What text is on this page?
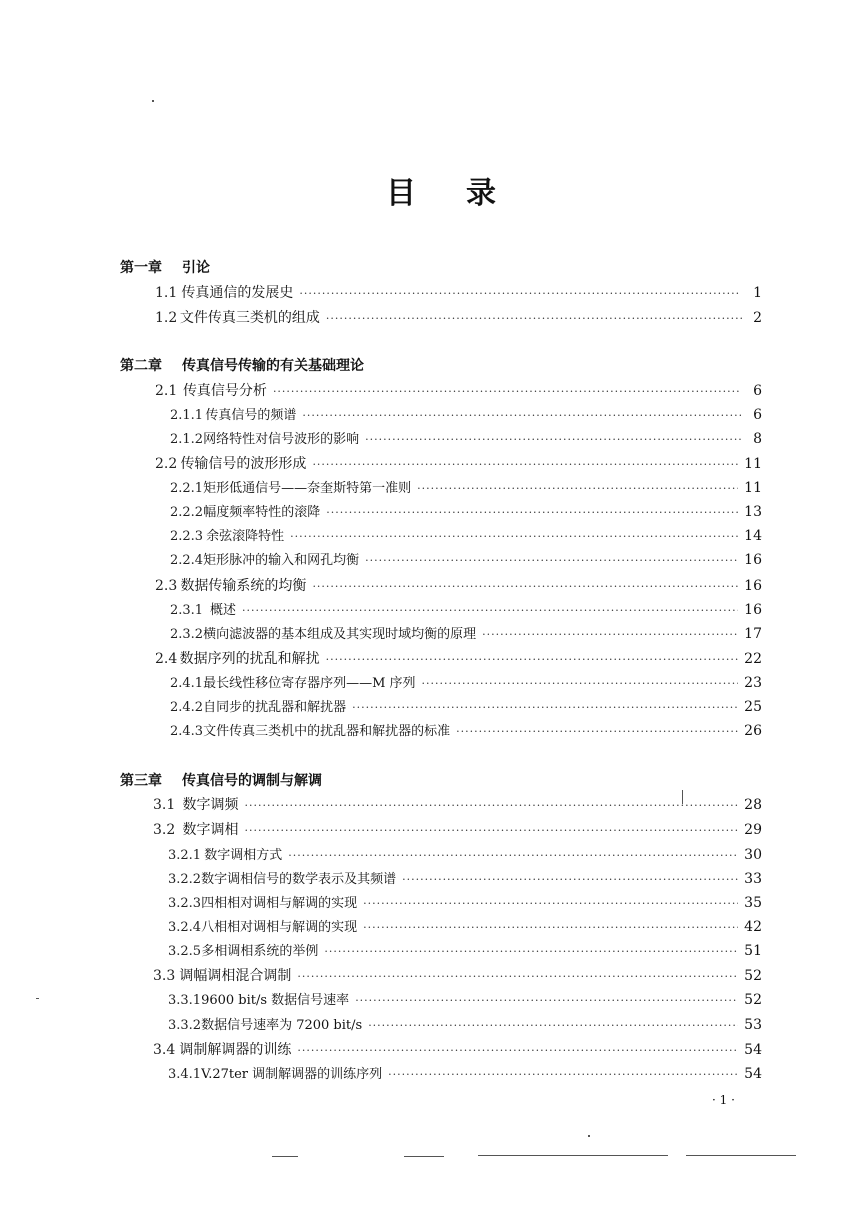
目 录
第一章	引论
1.1 传真通信的发展史 ·····	1
1.2 文件传真三类机的组成 ·····	2
第二章	传真信号传输的有关基础理论
2.1 传真信号分析 ·····	6
2.1.1 传真信号的频谱 ·····	6
2.1.2 网络特性对信号波形的影响 ·····	8
2.2 传输信号的波形形成 ·····	11
2.2.1 矩形低通信号——奈奎斯特第一准则 ·····	11
2.2.2 幅度频率特性的滚降 ·····	13
2.2.3 余弦滚降特性 ·····	14
2.2.4 矩形脉冲的输入和网孔均衡 ·····	16
2.3 数据传输系统的均衡 ·····	16
2.3.1 概述 ·····	16
2.3.2 横向滤波器的基本组成及其实现时域均衡的原理 ·····	17
2.4 数据序列的扰乱和解扰 ·····	22
2.4.1 最长线性移位寄存器序列——M 序列 ·····	23
2.4.2 自同步的扰乱器和解扰器 ·····	25
2.4.3 文件传真三类机中的扰乱器和解扰器的标准 ·····	26
第三章	传真信号的调制与解调
3.1 数字调频 ·····	28
3.2 数字调相 ·····	29
3.2.1 数字调相方式 ·····	30
3.2.2 数字调相信号的数学表示及其频谱 ·····	33
3.2.3 四相相对调相与解调的实现 ·····	35
3.2.4 八相相对调相与解调的实现 ·····	42
3.2.5 多相调相系统的举例 ·····	51
3.3 调幅调相混合调制 ·····	52
3.3.1 9600 bit/s 数据信号速率 ·····	52
3.3.2 数据信号速率为 7200 bit/s ·····	53
3.4 调制解调器的训练 ·····	54
3.4.1 V.27ter 调制解调器的训练序列 ·····	54
· 1 ·
